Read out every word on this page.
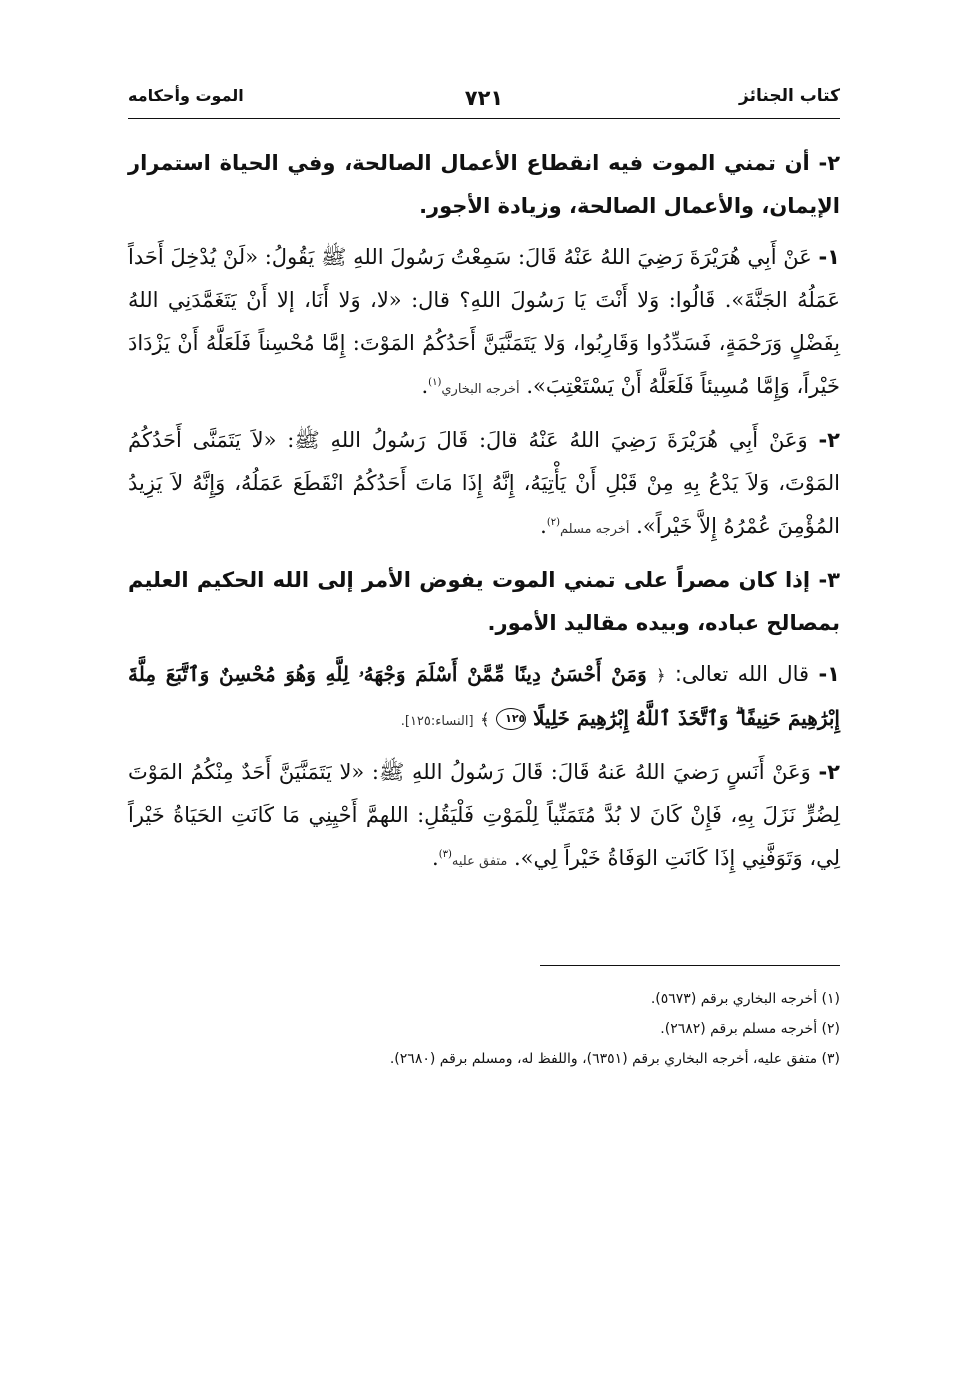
كتاب الجنائز
٧٢١
الموت وأحكامه

٢- أن تمني الموت فيه انقطاع الأعمال الصالحة، وفي الحياة استمرار الإيمان، والأعمال الصالحة، وزيادة الأجور.

١- عَنْ أَبِي هُرَيْرَةَ رَضِيَ اللهُ عَنْهُ قَالَ: سَمِعْتُ رَسُولَ اللهِ ﷺ يَقُولُ: «لَنْ يُدْخِلَ أَحَداً عَمَلُهُ الجَنَّةَ». قَالُوا: وَلا أَنْتَ يَا رَسُولَ اللهِ؟ قال: «لا، وَلا أَنَا، إلا أَنْ يَتَغَمَّدَنِي اللهُ بِفَضْلٍ وَرَحْمَةٍ، فَسَدِّدُوا وَقَارِبُوا، وَلا يَتَمَنَّيَنَّ أَحَدُكُمُ المَوْتَ: إِمَّا مُحْسِناً فَلَعَلَّهُ أَنْ يَزْدَادَ خَيْراً، وَإِمَّا مُسِيئاً فَلَعَلَّهُ أَنْ يَسْتَعْتِبَ». أخرجه البخاري$^{(١)}$.

٢- وَعَنْ أَبِي هُرَيْرَةَ رَضِيَ اللهُ عَنْهُ قالَ: قَالَ رَسُولُ اللهِ ﷺ: «لاَ يَتَمَنَّى أَحَدُكُمُ المَوْتَ، وَلاَ يَدْعُ بِهِ مِنْ قَبْلِ أَنْ يَأْتِيَهُ، إِنَّهُ إِذَا مَاتَ أَحَدُكُمُ انْقَطَعَ عَمَلُهُ، وَإِنَّهُ لاَ يَزِيدُ المُؤْمِنَ عُمْرُهُ إِلاَّ خَيْراً». أخرجه مسلم$^{(٢)}$.

٣- إذا كان مصراً على تمني الموت يفوض الأمر إلى الله الحكيم العليم بمصالح عباده، وبيده مقاليد الأمور.

١- قال الله تعالى: ﴿ وَمَنْ أَحْسَنُ دِينًا مِّمَّنْ أَسْلَمَ وَجْهَهُۥ لِلَّهِ وَهُوَ مُحْسِنٌ وَٱتَّبَعَ مِلَّةَ إِبْرَٰهِيمَ حَنِيفًا ۗ وَٱتَّخَذَ ٱللَّهُ إِبْرَٰهِيمَ خَلِيلًا ١٢٥ ﴾ [النساء:١٢٥].

٢- وَعَنْ أَنَسٍ رَضيَ اللهُ عَنهُ قَالَ: قَالَ رَسُولُ اللهِ ﷺ: «لا يَتَمَنَّيَنَّ أَحَدٌ مِنْكُمُ المَوْتَ لِضُرٍّ نَزَلَ بِهِ، فَإِنْ كَانَ لا بُدَّ مُتَمَنِّياً لِلْمَوْتِ فَلْيَقُلِ: اللهمَّ أَحْيِنِي مَا كَانَتِ الحَيَاةُ خَيْراً لِي، وَتَوَفَّنِي إِذَا كَانَتِ الوَفَاةُ خَيْراً لِي». متفق عليه$^{(٣)}$.

(١) أخرجه البخاري برقم (٥٦٧٣).

(٢) أخرجه مسلم برقم (٢٦٨٢).

(٣) متفق عليه، أخرجه البخاري برقم (٦٣٥١)، واللفظ له، ومسلم برقم (٢٦٨٠).
